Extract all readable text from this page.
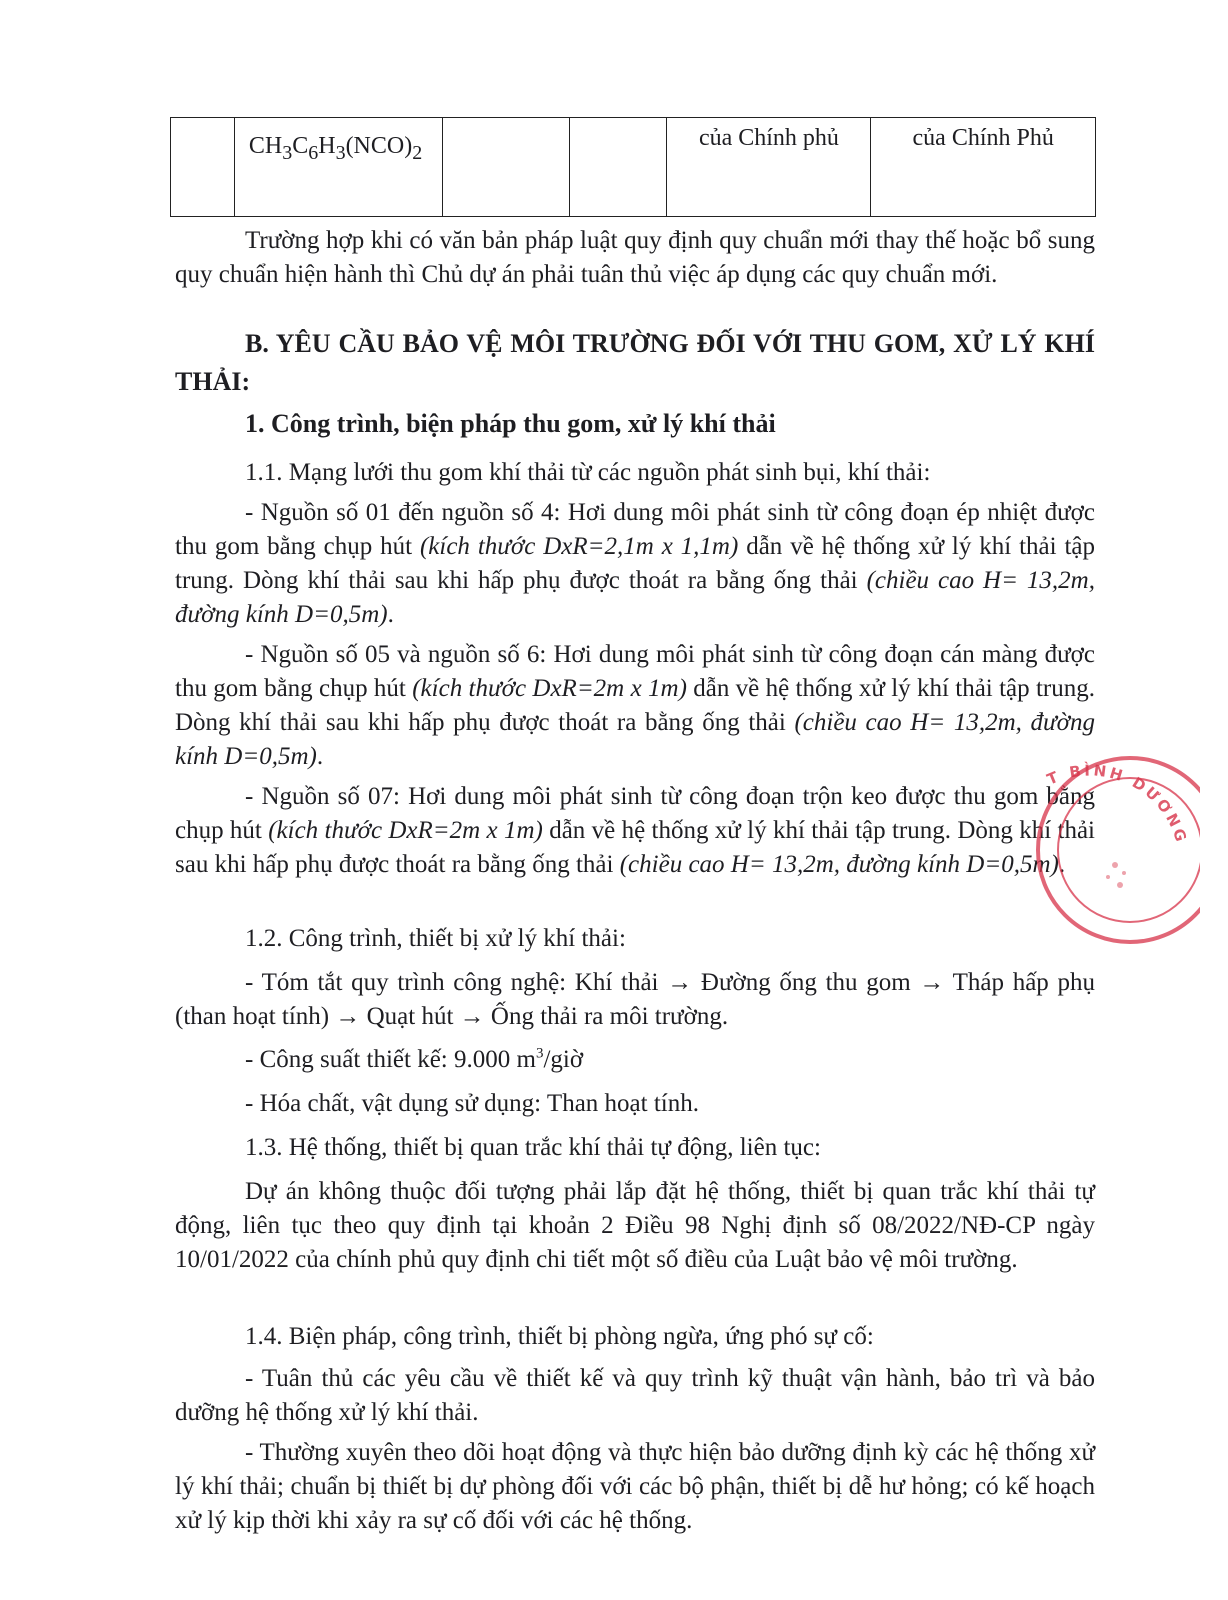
	$CH_3C_6H_3(NCO)_2$			của Chính phủ	của Chính Phủ

Trường hợp khi có văn bản pháp luật quy định quy chuẩn mới thay thế hoặc bổ sung quy chuẩn hiện hành thì Chủ dự án phải tuân thủ việc áp dụng các quy chuẩn mới.

B. YÊU CẦU BẢO VỆ MÔI TRƯỜNG ĐỐI VỚI THU GOM, XỬ LÝ KHÍ THẢI:

1. Công trình, biện pháp thu gom, xử lý khí thải

1.1. Mạng lưới thu gom khí thải từ các nguồn phát sinh bụi, khí thải:

- Nguồn số 01 đến nguồn số 4: Hơi dung môi phát sinh từ công đoạn ép nhiệt được thu gom bằng chụp hút (kích thước DxR=2,1m x 1,1m) dẫn về hệ thống xử lý khí thải tập trung. Dòng khí thải sau khi hấp phụ được thoát ra bằng ống thải (chiều cao H= 13,2m, đường kính D=0,5m).

- Nguồn số 05 và nguồn số 6: Hơi dung môi phát sinh từ công đoạn cán màng được thu gom bằng chụp hút (kích thước DxR=2m x 1m) dẫn về hệ thống xử lý khí thải tập trung. Dòng khí thải sau khi hấp phụ được thoát ra bằng ống thải (chiều cao H= 13,2m, đường kính D=0,5m).

- Nguồn số 07: Hơi dung môi phát sinh từ công đoạn trộn keo được thu gom bằng chụp hút (kích thước DxR=2m x 1m) dẫn về hệ thống xử lý khí thải tập trung. Dòng khí thải sau khi hấp phụ được thoát ra bằng ống thải (chiều cao H= 13,2m, đường kính D=0,5m).

1.2. Công trình, thiết bị xử lý khí thải:

- Tóm tắt quy trình công nghệ: Khí thải → Đường ống thu gom → Tháp hấp phụ (than hoạt tính) → Quạt hút → Ống thải ra môi trường.

- Công suất thiết kế: 9.000 $m^3$/giờ

- Hóa chất, vật dụng sử dụng: Than hoạt tính.

1.3. Hệ thống, thiết bị quan trắc khí thải tự động, liên tục:

Dự án không thuộc đối tượng phải lắp đặt hệ thống, thiết bị quan trắc khí thải tự động, liên tục theo quy định tại khoản 2 Điều 98 Nghị định số 08/2022/NĐ-CP ngày 10/01/2022 của chính phủ quy định chi tiết một số điều của Luật bảo vệ môi trường.

1.4. Biện pháp, công trình, thiết bị phòng ngừa, ứng phó sự cố:

- Tuân thủ các yêu cầu về thiết kế và quy trình kỹ thuật vận hành, bảo trì và bảo dưỡng hệ thống xử lý khí thải.

- Thường xuyên theo dõi hoạt động và thực hiện bảo dưỡng định kỳ các hệ thống xử lý khí thải; chuẩn bị thiết bị dự phòng đối với các bộ phận, thiết bị dễ hư hỏng; có kế hoạch xử lý kịp thời khi xảy ra sự cố đối với các hệ thống.

T BÌNH DƯƠNG
